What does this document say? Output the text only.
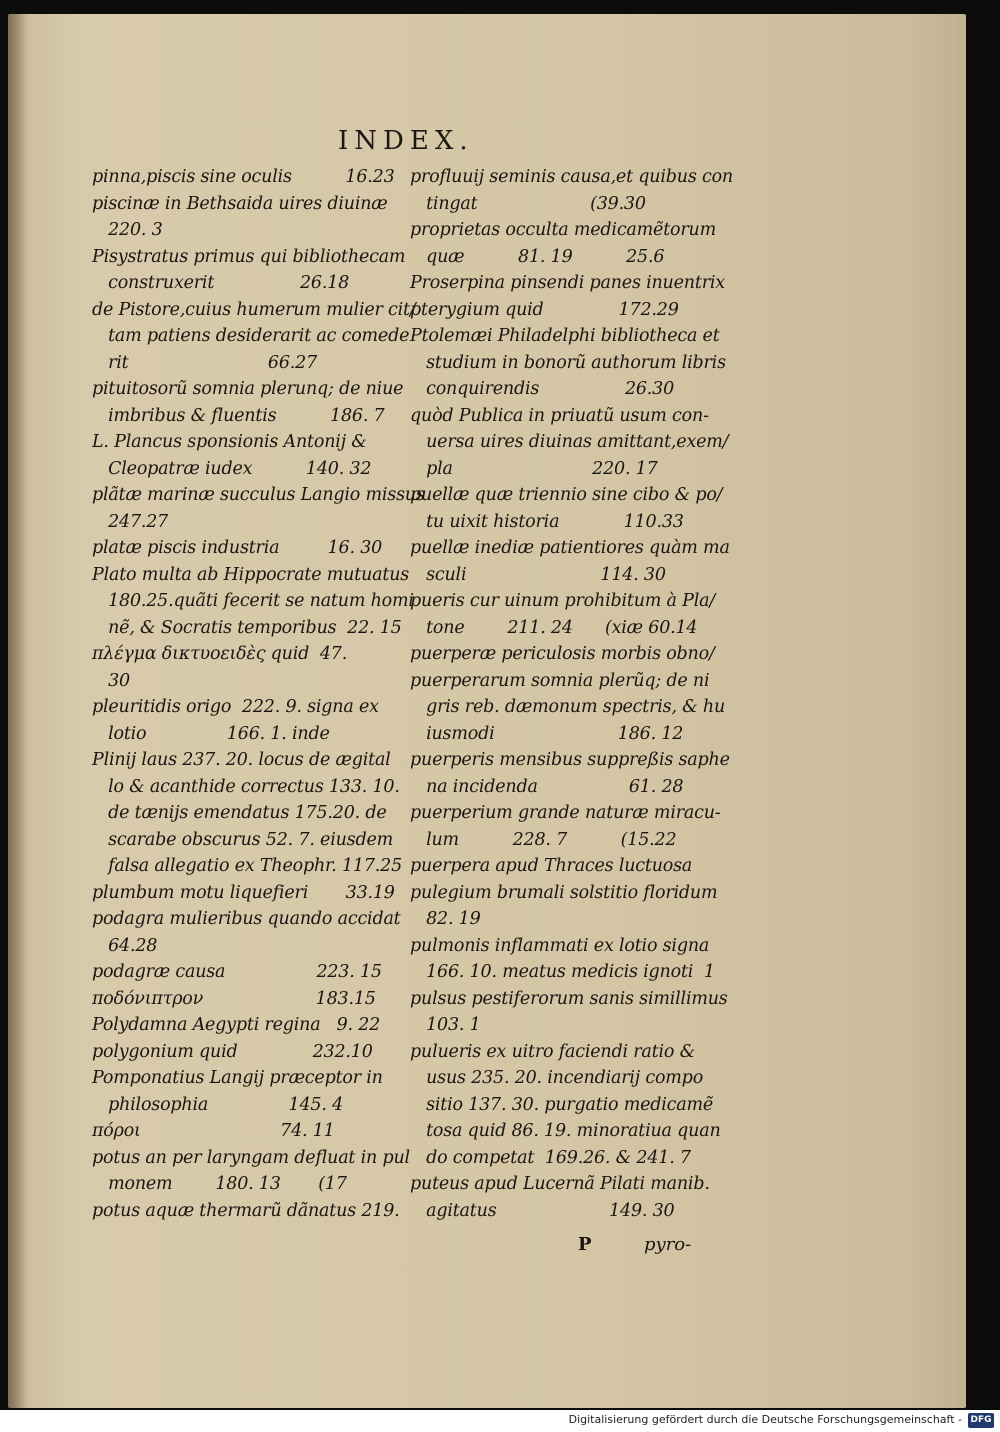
INDEX.
pinna,piscis sine oculis          16.23
piscinæ in Bethsaida uires diuinæ
220. 3
Pisystratus primus qui bibliothecam
construxerit                26.18
de Pistore,cuius humerum mulier cit/
tam patiens desiderarit ac comede
rit                          66.27
pituitosorũ somnia plerunq; de niue
imbribus & fluentis          186. 7
L. Plancus sponsionis Antonij &
Cleopatræ iudex          140. 32
plãtæ marinæ succulus Langio missus
247.27
platæ piscis industria         16. 30
Plato multa ab Hippocrate mutuatus
180.25.quãti fecerit se natum homi
nẽ, & Socratis temporibus  22. 15
πλέγμα δικτυοειδὲς quid  47.
30
pleuritidis origo  222. 9. signa ex
lotio               166. 1. inde
Plinij laus 237. 20. locus de ægital
lo & acanthide correctus 133. 10.
de tænijs emendatus 175.20. de
scarabe obscurus 52. 7. eiusdem
falsa allegatio ex Theophr. 117.25
plumbum motu liquefieri       33.19
podagra mulieribus quando accidat
64.28
podagræ causa                 223. 15
ποδόνιπτρον                     183.15
Polydamna Aegypti regina   9. 22
polygonium quid              232.10
Pomponatius Langij præceptor in
philosophia               145. 4
πόροι                          74. 11
potus an per laryngam defluat in pul
monem        180. 13       (17
potus aquæ thermarũ dãnatus 219.
profluuij seminis causa,et quibus con
tingat                     (39.30
proprietas occulta medicamẽtorum
quæ          81. 19          25.6
Proserpina pinsendi panes inuentrix
pterygium quid              172.29
Ptolemæi Philadelphi bibliotheca et
studium in bonorũ authorum libris
conquirendis                26.30
quòd Publica in priuatũ usum con-
uersa uires diuinas amittant,exem/
pla                          220. 17
puellæ quæ triennio sine cibo & po/
tu uixit historia            110.33
puellæ inediæ patientiores quàm ma
sculi                         114. 30
pueris cur uinum prohibitum à Pla/
tone        211. 24      (xiæ 60.14
puerperæ periculosis morbis obno/
puerperarum somnia plerũq; de ni
gris reb. dæmonum spectris, & hu
iusmodi                       186. 12
puerperis mensibus suppreßis saphe
na incidenda                 61. 28
puerperium grande naturæ miracu-
lum          228. 7          (15.22
puerpera apud Thraces luctuosa
pulegium brumali solstitio floridum
82. 19
pulmonis inflammati ex lotio signa
166. 10. meatus medicis ignoti  1
pulsus pestiferorum sanis simillimus
103. 1
pulueris ex uitro faciendi ratio &
usus 235. 20. incendiarij compo
sitio 137. 30. purgatio medicamẽ
tosa quid 86. 19. minoratiua quan
do competat  169.26. & 241. 7
puteus apud Lucernã Pilati manib.
agitatus                     149. 30
P	pyro-
Digitalisierung gefördert durch die Deutsche Forschungsgemeinschaft - DFG
